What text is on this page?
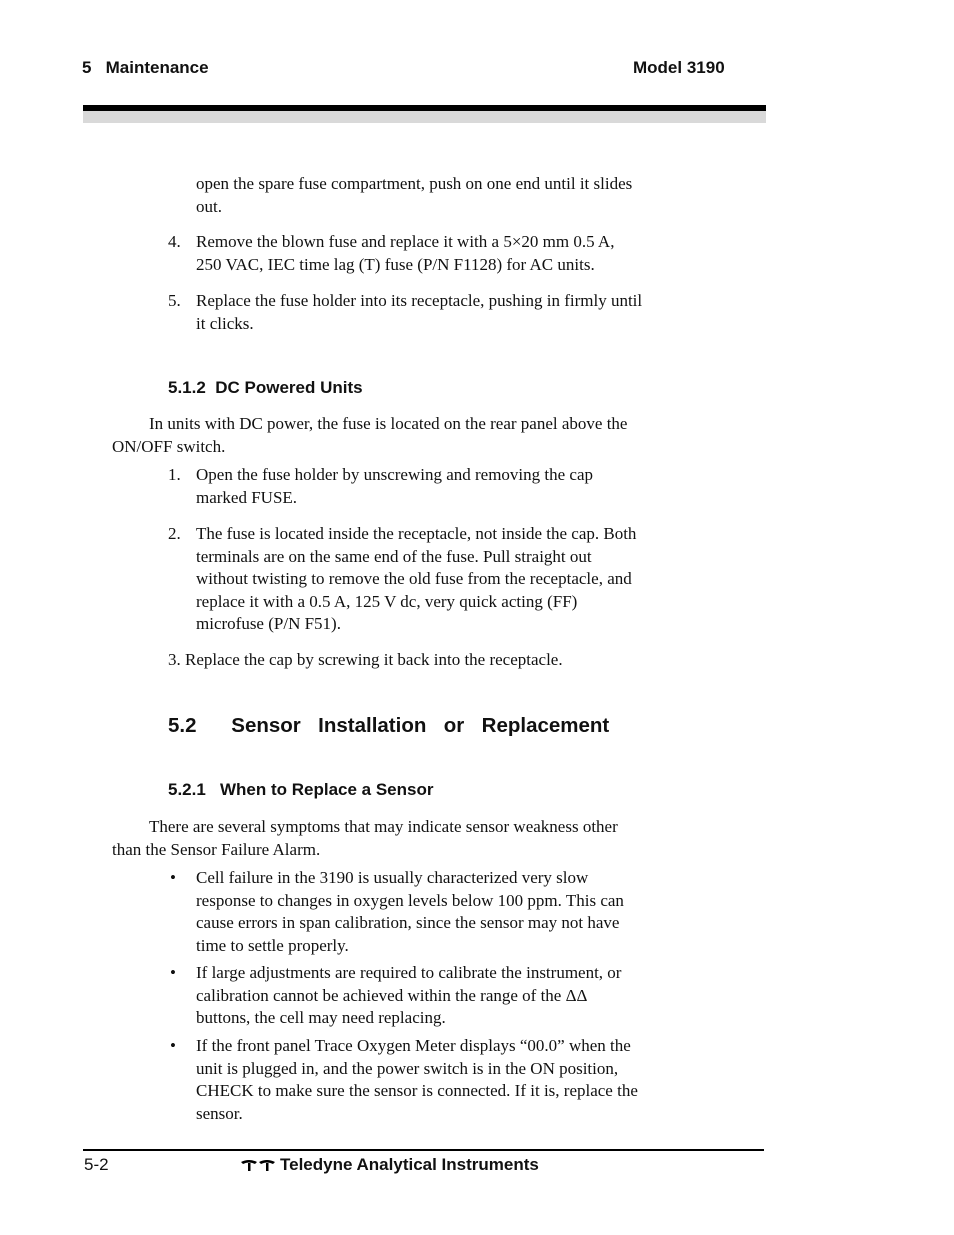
5   Maintenance	Model 3190
open the spare fuse compartment, push on one end until it slides
out.
4. Remove the blown fuse and replace it with a 5×20 mm 0.5 A,
250 VAC, IEC time lag (T) fuse (P/N F1128) for AC units.
5. Replace the fuse holder into its receptacle, pushing in firmly until
it clicks.
5.1.2  DC Powered Units
In units with DC power, the fuse is located on the rear panel above the
ON/OFF switch.
1. Open the fuse holder by unscrewing and removing the cap
marked FUSE.
2. The fuse is located inside the receptacle, not inside the cap. Both
terminals are on the same end of the fuse. Pull straight out
without twisting to remove the old fuse from the receptacle, and
replace it with a 0.5 A, 125 V dc, very quick acting (FF)
microfuse (P/N F51).
3. Replace the cap by screwing it back into the receptacle.
5.2    Sensor  Installation  or  Replacement
5.2.1   When to Replace a Sensor
There are several symptoms that may indicate sensor weakness other
than the Sensor Failure Alarm.
• Cell failure in the 3190 is usually characterized very slow
response to changes in oxygen levels below 100 ppm. This can
cause errors in span calibration, since the sensor may not have
time to settle properly.
• If large adjustments are required to calibrate the instrument, or
calibration cannot be achieved within the range of the ΔΔ
buttons, the cell may need replacing.
• If the front panel Trace Oxygen Meter displays “00.0” when the
unit is plugged in, and the power switch is in the ON position,
CHECK to make sure the sensor is connected. If it is, replace the
sensor.
5-2	Teledyne Analytical Instruments
